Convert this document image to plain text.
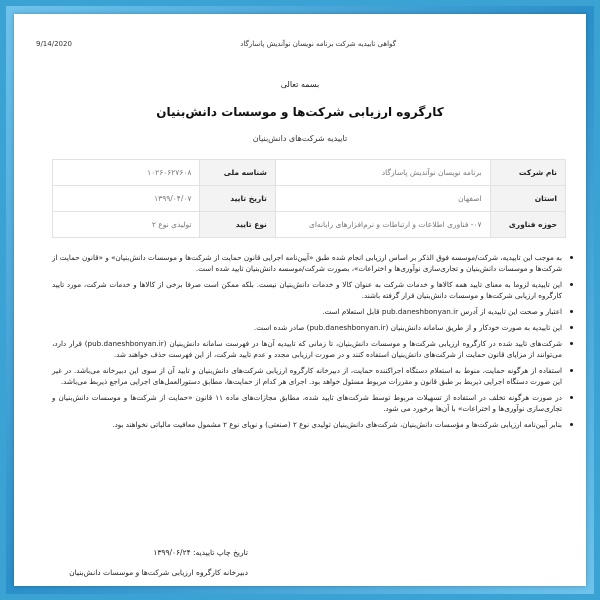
9/14/2020	گواهی تاییدیه شرکت برنامه نویسان نوآندیش پاسارگاد
بسمه تعالی
کارگروه ارزیابی شرکت‌ها و موسسات دانش‌بنیان
تاییدیه شرکت‌های دانش‌بنیان
نام شرکت	برنامه نویسان نوآندیش پاسارگاد	شناسه ملی	۱۰۲۶۰۶۲۷۶۰۸
استان	اصفهان	تاریخ تایید	۱۳۹۹/۰۴/۰۷
حوزه فناوری	۰۷- فناوری اطلاعات و ارتباطات و نرم‌افزارهای رایانه‌ای	نوع تایید	تولیدی نوع ۲
به موجب این تاییدیه، شرکت/موسسه فوق الذکر بر اساس ارزیابی انجام شده طبق «آیین‌نامه اجرایی قانون حمایت از شرکت‌ها و موسسات دانش‌بنیان» و «قانون حمایت از شرکت‌ها و موسسات دانش‌بنیان و تجاری‌سازی نوآوری‌ها و اختراعات»، بصورت شرکت/موسسه دانش‌بنیان تایید شده است.
این تاییدیه لزوما به معنای تایید همه کالاها و خدمات شرکت به عنوان کالا و خدمات دانش‌بنیان نیست. بلکه ممکن است صرفا برخی از کالاها و خدمات شرکت، مورد تایید کارگروه ارزیابی شرکت‌ها و موسسات دانش‌بنیان قرار گرفته باشند.
اعتبار و صحت این تاییدیه از آدرس pub.daneshbonyan.ir قابل استعلام است.
این تاییدیه به صورت خودکار و از طریق سامانه دانش‌بنیان (pub.daneshbonyan.ir) صادر شده است.
شرکت‌های تایید شده در کارگروه ارزیابی شرکت‌ها و موسسات دانش‌بنیان، تا زمانی که تاییدیه آن‌ها در فهرست سامانه دانش‌بنیان (pub.daneshbonyan.ir) قرار دارد، می‌توانند از مزایای قانون حمایت از شرکت‌های دانش‌بنیان استفاده کنند و در صورت ارزیابی مجدد و عدم تایید شرکت، از این فهرست حذف خواهند شد.
استفاده از هرگونه حمایت، منوط به استعلام دستگاه اجراکننده حمایت، از دبیرخانه کارگروه ارزیابی شرکت‌های دانش‌بنیان و تایید آن از سوی این دبیرخانه می‌باشد. در غیر این صورت دستگاه اجرایی ذیربط بر طبق قانون و مقررات مربوط مسئول خواهد بود. اجرای هر کدام از حمایت‌ها، مطابق دستورالعمل‌های اجرایی مراجع ذیربط می‌باشد.
در صورت هرگونه تخلف در استفاده از تسهیلات مربوط توسط شرکت‌های تایید شده، مطابق مجازات‌های ماده ۱۱ قانون «حمایت از شرکت‌ها و موسسات دانش‌بنیان و تجاری‌سازی نوآوری‌ها و اختراعات» با آن‌ها برخورد می شود.
بنابر آیین‌نامه ارزیابی شرکت‌ها و مؤسسات دانش‌بنیان، شرکت‌های دانش‌بنیان تولیدی نوع ۲ (صنعتی) و نوپای نوع ۲ مشمول معافیت مالیاتی نخواهند بود.
تاریخ چاپ تاییدیه: ۱۳۹۹/۰۶/۲۴
دبیرخانه کارگروه ارزیابی شرکت‌ها و موسسات دانش‌بنیان
